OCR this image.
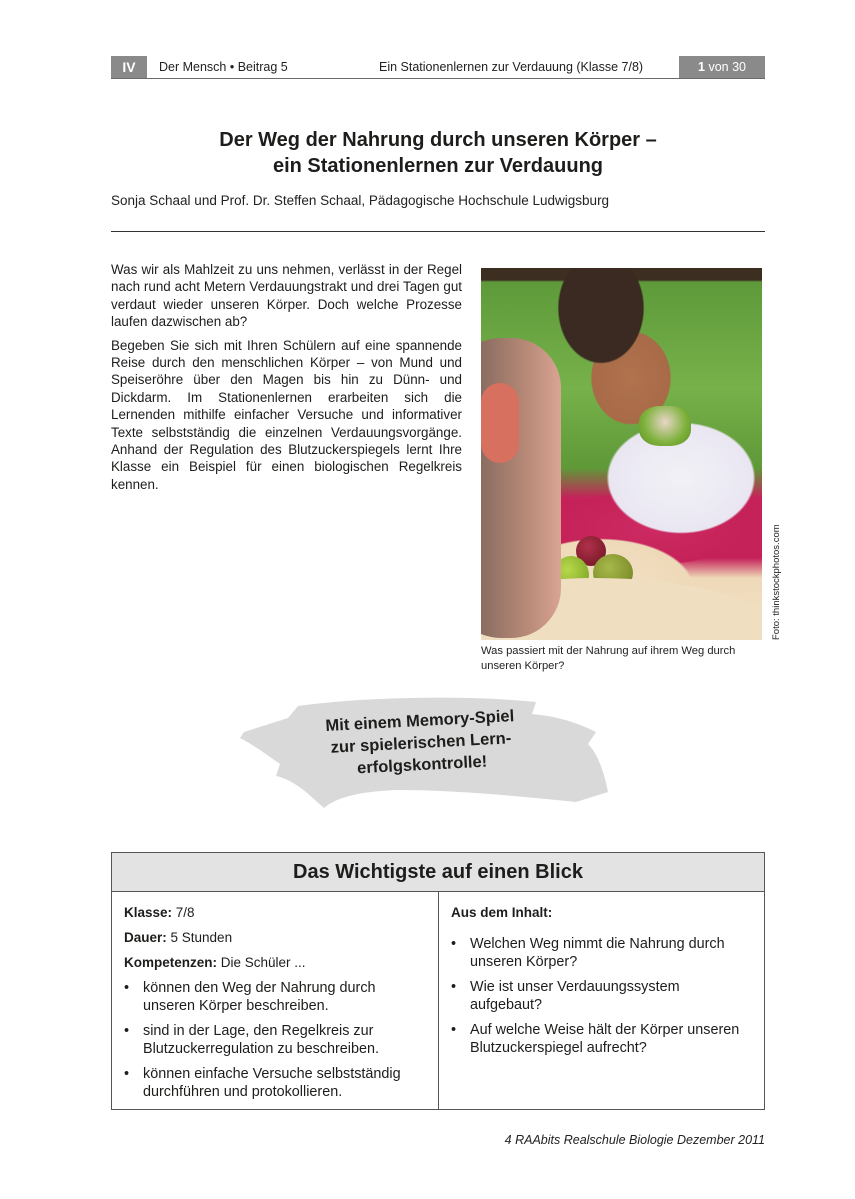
IV	Der Mensch • Beitrag 5	Ein Stationenlernen zur Verdauung (Klasse 7/8)	1 von 30
Der Weg der Nahrung durch unseren Körper –
ein Stationenlernen zur Verdauung
Sonja Schaal und Prof. Dr. Steffen Schaal, Pädagogische Hochschule Ludwigsburg

Was wir als Mahlzeit zu uns nehmen, verlässt in der Regel nach rund acht Metern Verdauungstrakt und drei Tagen gut verdaut wieder unseren Körper. Doch welche Prozesse laufen dazwischen ab?

Begeben Sie sich mit Ihren Schülern auf eine spannende Reise durch den menschlichen Körper – von Mund und Speiseröhre über den Magen bis hin zu Dünn- und Dickdarm. Im Stationenlernen erarbeiten sich die Lernenden mithilfe einfacher Versuche und informativer Texte selbstständig die einzelnen Verdauungsvorgänge. Anhand der Regulation des Blutzuckerspiegels lernt Ihre Klasse ein Beispiel für einen biologischen Regelkreis kennen.

Foto: thinkstockphotos.com
Was passiert mit der Nahrung auf ihrem Weg durch unseren Körper?
Mit einem Memory-Spiel
zur spielerischen Lern-
erfolgskontrolle!
Das Wichtigste auf einen Blick
Klasse: 7/8
Dauer: 5 Stunden
Kompetenzen: Die Schüler ...
• können den Weg der Nahrung durch unseren Körper beschreiben.
• sind in der Lage, den Regelkreis zur Blutzuckerregulation zu beschreiben.
• können einfache Versuche selbstständig durchführen und protokollieren.
Aus dem Inhalt:
• Welchen Weg nimmt die Nahrung durch unseren Körper?
• Wie ist unser Verdauungssystem aufgebaut?
• Auf welche Weise hält der Körper unseren Blutzuckerspiegel aufrecht?
4 RAAbits Realschule Biologie Dezember 2011
